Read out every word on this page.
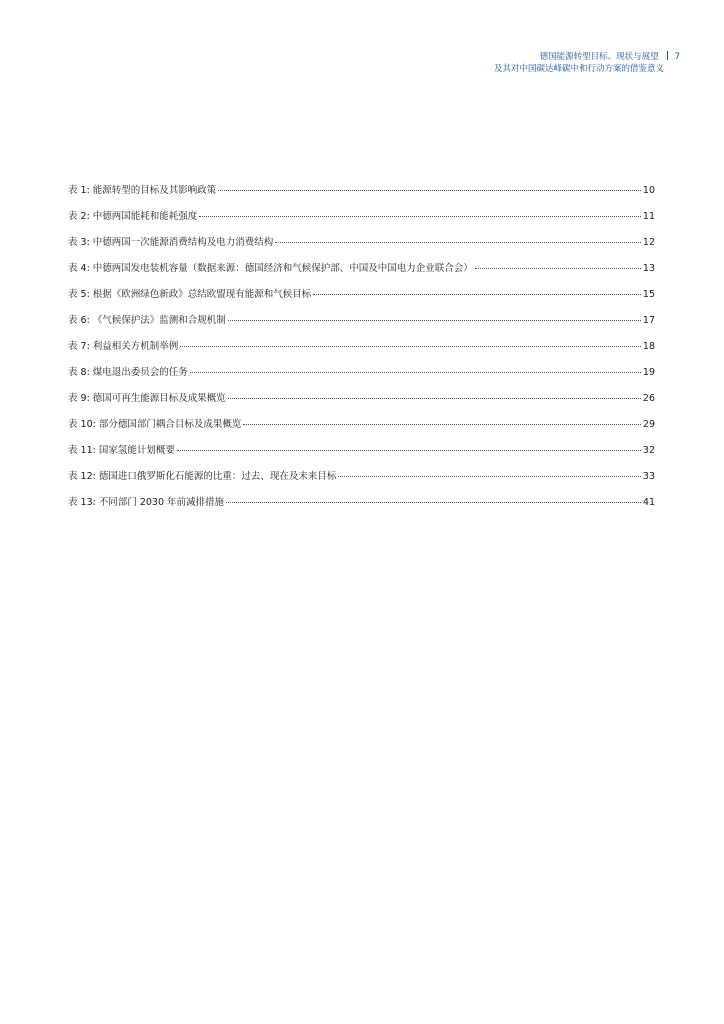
德国能源转型目标、现状与展望 7
及其对中国碳达峰碳中和行动方案的借鉴意义
表 1: 能源转型的目标及其影响政策	10
表 2: 中德两国能耗和能耗强度	11
表 3: 中德两国一次能源消费结构及电力消费结构	12
表 4: 中德两国发电装机容量（数据来源：德国经济和气候保护部、中国及中国电力企业联合会）	13
表 5: 根据《欧洲绿色新政》总结欧盟现有能源和气候目标	15
表 6: 《气候保护法》监测和合规机制	17
表 7: 利益相关方机制举例	18
表 8: 煤电退出委员会的任务	19
表 9: 德国可再生能源目标及成果概览	26
表 10: 部分德国部门耦合目标及成果概览	29
表 11: 国家氢能计划概要	32
表 12: 德国进口俄罗斯化石能源的比重：过去、现在及未来目标	33
表 13: 不同部门 2030 年前减排措施	41
